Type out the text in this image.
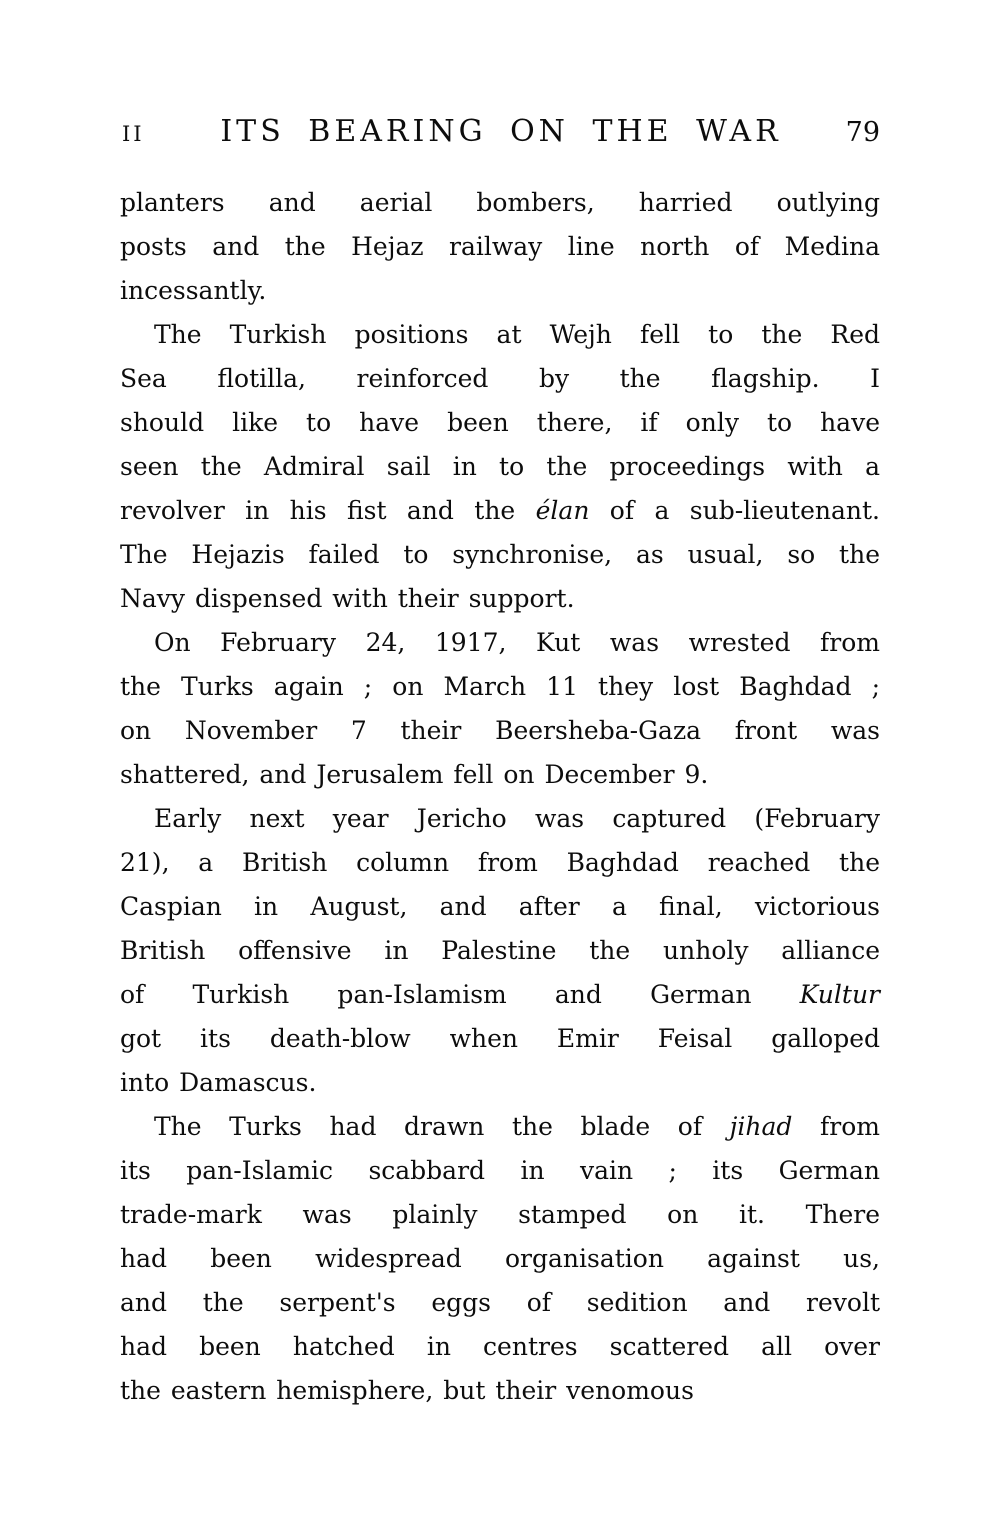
II	ITS BEARING ON THE WAR	79
planters and aerial bombers, harried outlying
posts and the Hejaz railway line north of Medina
incessantly.
The Turkish positions at Wejh fell to the Red
Sea flotilla, reinforced by the flagship. I
should like to have been there, if only to have
seen the Admiral sail in to the proceedings with a
revolver in his fist and the élan of a sub-lieutenant.
The Hejazis failed to synchronise, as usual, so the
Navy dispensed with their support.
On February 24, 1917, Kut was wrested from
the Turks again ; on March 11 they lost Baghdad ;
on November 7 their Beersheba-Gaza front was
shattered, and Jerusalem fell on December 9.
Early next year Jericho was captured (February
21), a British column from Baghdad reached the
Caspian in August, and after a final, victorious
British offensive in Palestine the unholy alliance
of Turkish pan-Islamism and German Kultur
got its death-blow when Emir Feisal galloped
into Damascus.
The Turks had drawn the blade of jihad from
its pan-Islamic scabbard in vain ; its German
trade-mark was plainly stamped on it. There
had been widespread organisation against us,
and the serpent's eggs of sedition and revolt
had been hatched in centres scattered all over
the eastern hemisphere, but their venomous
